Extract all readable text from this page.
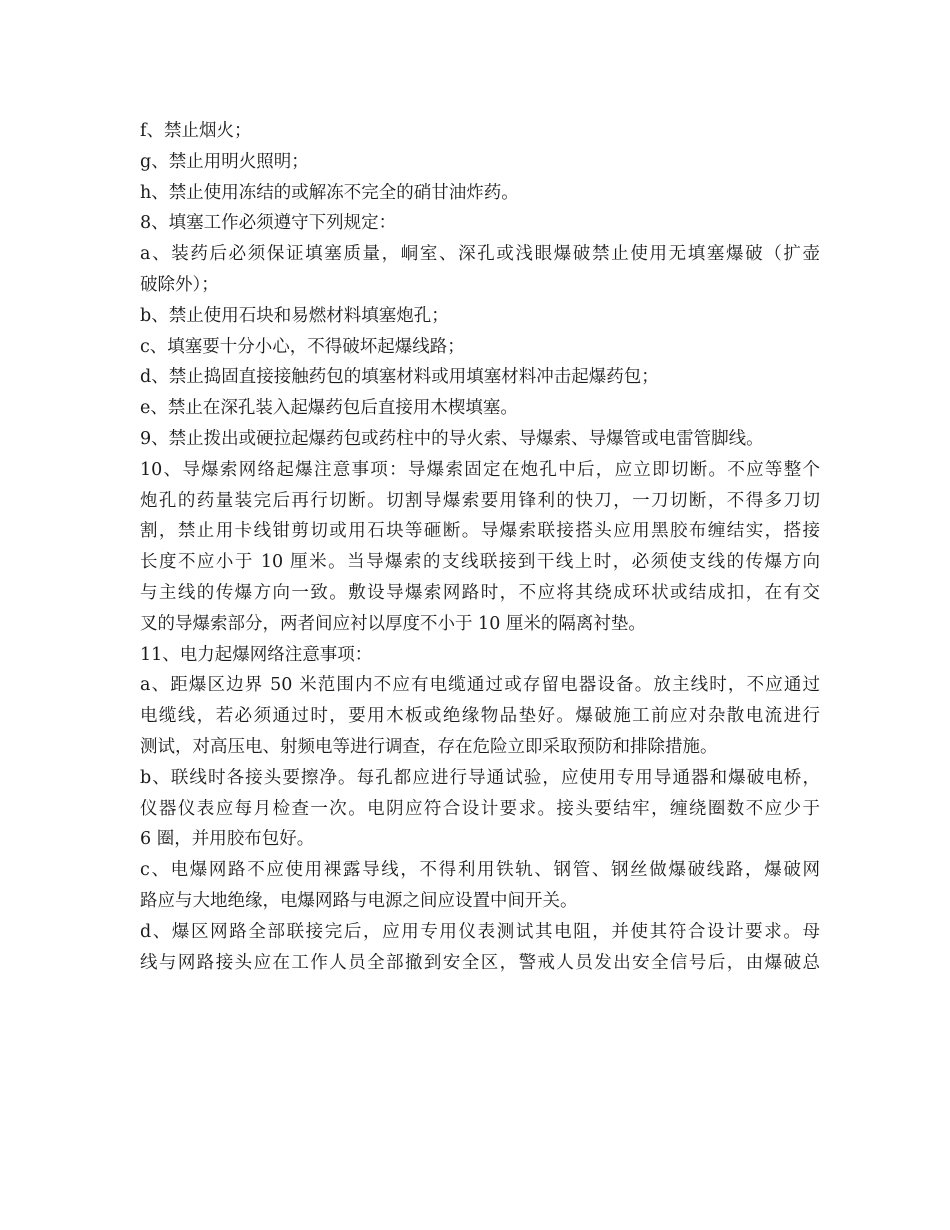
f、禁止烟火；
g、禁止用明火照明；
h、禁止使用冻结的或解冻不完全的硝甘油炸药。
8、填塞工作必须遵守下列规定：
a、装药后必须保证填塞质量，峒室、深孔或浅眼爆破禁止使用无填塞爆破（扩壶
破除外）；
b、禁止使用石块和易燃材料填塞炮孔；
c、填塞要十分小心，不得破坏起爆线路；
d、禁止捣固直接接触药包的填塞材料或用填塞材料冲击起爆药包；
e、禁止在深孔装入起爆药包后直接用木楔填塞。
9、禁止拨出或硬拉起爆药包或药柱中的导火索、导爆索、导爆管或电雷管脚线。
10、导爆索网络起爆注意事项：导爆索固定在炮孔中后，应立即切断。不应等整个
炮孔的药量装完后再行切断。切割导爆索要用锋利的快刀，一刀切断，不得多刀切
割，禁止用卡线钳剪切或用石块等砸断。导爆索联接搭头应用黑胶布缠结实，搭接
长度不应小于 10 厘米。当导爆索的支线联接到干线上时，必须使支线的传爆方向
与主线的传爆方向一致。敷设导爆索网路时，不应将其绕成环状或结成扣，在有交
叉的导爆索部分，两者间应衬以厚度不小于 10 厘米的隔离衬垫。
11、电力起爆网络注意事项：
a、距爆区边界 50 米范围内不应有电缆通过或存留电器设备。放主线时，不应通过
电缆线，若必须通过时，要用木板或绝缘物品垫好。爆破施工前应对杂散电流进行
测试，对高压电、射频电等进行调查，存在危险立即采取预防和排除措施。
b、联线时各接头要擦净。每孔都应进行导通试验，应使用专用导通器和爆破电桥，
仪器仪表应每月检查一次。电阴应符合设计要求。接头要结牢，缠绕圈数不应少于
6 圈，并用胶布包好。
c、电爆网路不应使用裸露导线，不得利用铁轨、钢管、钢丝做爆破线路，爆破网
路应与大地绝缘，电爆网路与电源之间应设置中间开关。
d、爆区网路全部联接完后，应用专用仪表测试其电阻，并使其符合设计要求。母
线与网路接头应在工作人员全部撤到安全区，警戒人员发出安全信号后，由爆破总
